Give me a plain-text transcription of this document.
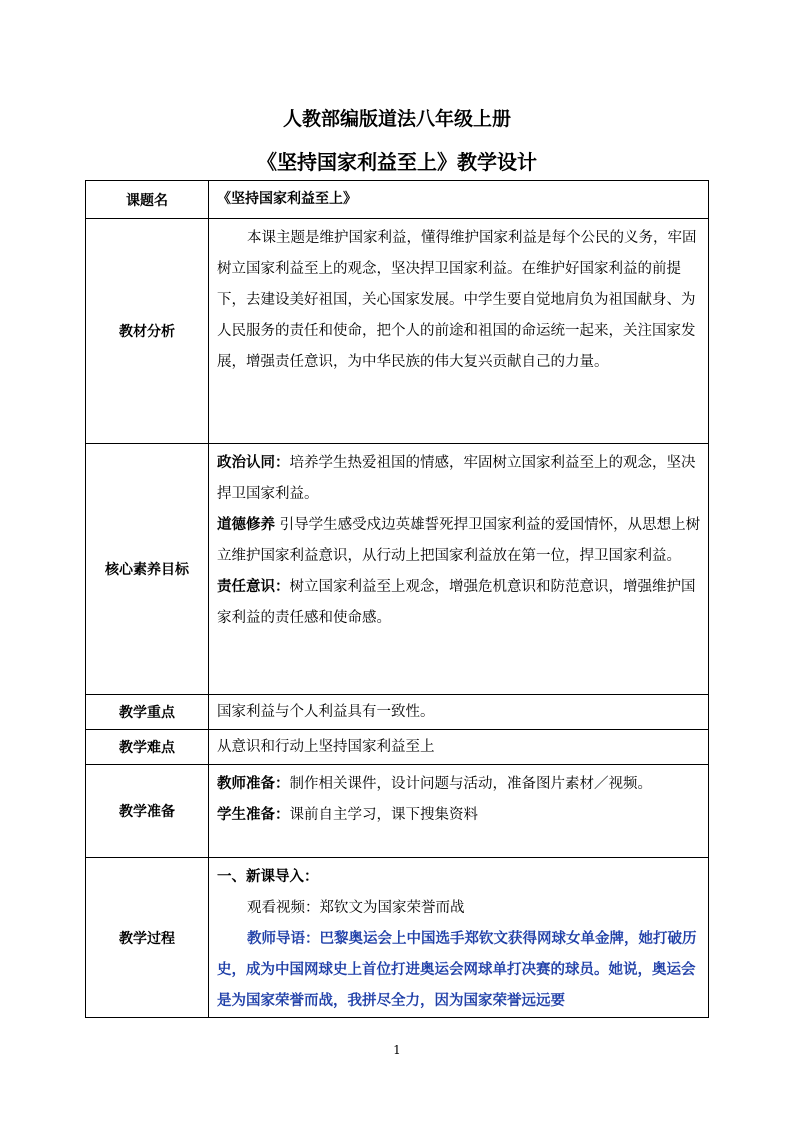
人教部编版道法八年级上册
《坚持国家利益至上》教学设计
课题名	《坚持国家利益至上》
教材分析	本课主题是维护国家利益，懂得维护国家利益是每个公民的义务，牢固树立国家利益至上的观念，坚决捍卫国家利益。在维护好国家利益的前提下，去建设美好祖国，关心国家发展。中学生要自觉地肩负为祖国献身、为人民服务的责任和使命，把个人的前途和祖国的命运统一起来，关注国家发展，增强责任意识，为中华民族的伟大复兴贡献自己的力量。

核心素养目标	政治认同：培养学生热爱祖国的情感，牢固树立国家利益至上的观念，坚决捍卫国家利益。

道德修养 引导学生感受戍边英雄誓死捍卫国家利益的爱国情怀，从思想上树立维护国家利益意识，从行动上把国家利益放在第一位，捍卫国家利益。

责任意识：树立国家利益至上观念，增强危机意识和防范意识，增强维护国家利益的责任感和使命感。

教学重点	国家利益与个人利益具有一致性。
教学难点	从意识和行动上坚持国家利益至上
教学准备	教师准备：制作相关课件，设计问题与活动，准备图片素材／视频。

学生准备：课前自主学习，课下搜集资料

教学过程	一、新课导入：

观看视频：郑钦文为国家荣誉而战

教师导语：巴黎奥运会上中国选手郑钦文获得网球女单金牌，她打破历史，成为中国网球史上首位打进奥运会网球单打决赛的球员。她说，奥运会是为国家荣誉而战，我拼尽全力，因为国家荣誉远远要

1
